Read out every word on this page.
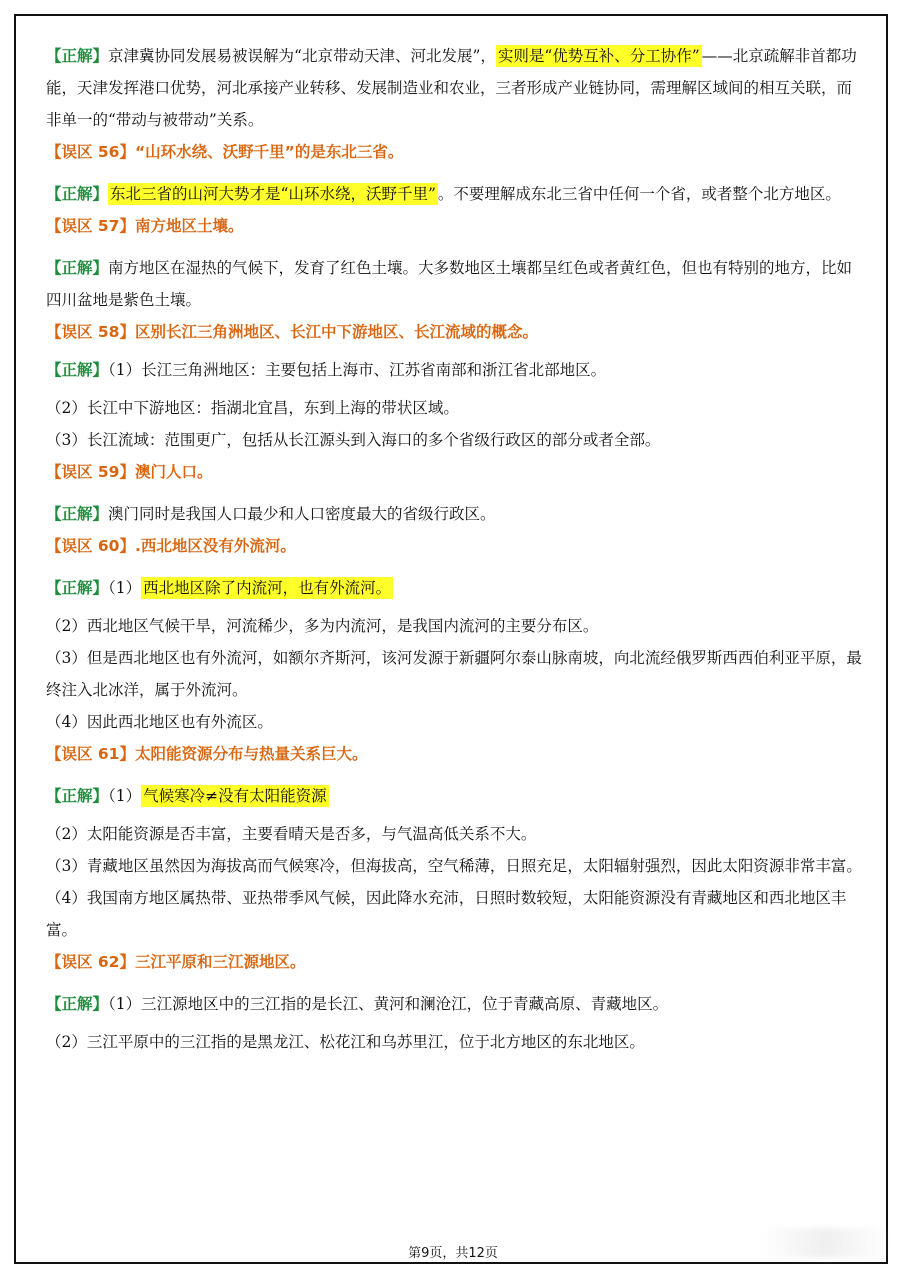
【正解】京津冀协同发展易被误解为“北京带动天津、河北发展”， 实则是“优势互补、分工协作” ——北京疏解非首都功能，天津发挥港口优势，河北承接产业转移、发展制造业和农业，三者形成产业链协同，需理解区域间的相互关联，而非单一的“带动与被带动”关系。

【误区 56】“山环水绕、沃野千里”的是东北三省。

【正解】 东北三省的山河大势才是“山环水绕，沃野千里” 。不要理解成东北三省中任何一个省，或者整个北方地区。

【误区 57】南方地区土壤。

【正解】南方地区在湿热的气候下，发育了红色土壤。大多数地区土壤都呈红色或者黄红色，但也有特别的地方，比如四川盆地是紫色土壤。

【误区 58】区别长江三角洲地区、长江中下游地区、长江流域的概念。

【正解】（1）长江三角洲地区：主要包括上海市、江苏省南部和浙江省北部地区。

（2）长江中下游地区：指湖北宜昌，东到上海的带状区域。

（3）长江流域：范围更广，包括从长江源头到入海口的多个省级行政区的部分或者全部。

【误区 59】澳门人口。

【正解】澳门同时是我国人口最少和人口密度最大的省级行政区。

【误区 60】.西北地区没有外流河。

【正解】（1） 西北地区除了内流河，也有外流河。

（2）西北地区气候干旱，河流稀少，多为内流河，是我国内流河的主要分布区。

（3）但是西北地区也有外流河，如额尔齐斯河，该河发源于新疆阿尔泰山脉南坡，向北流经俄罗斯西西伯利亚平原，最终注入北冰洋，属于外流河。

（4）因此西北地区也有外流区。

【误区 61】太阳能资源分布与热量关系巨大。

【正解】（1） 气候寒冷≠没有太阳能资源

（2）太阳能资源是否丰富，主要看晴天是否多，与气温高低关系不大。

（3）青藏地区虽然因为海拔高而气候寒冷，但海拔高，空气稀薄，日照充足，太阳辐射强烈，因此太阳资源非常丰富。

（4）我国南方地区属热带、亚热带季风气候，因此降水充沛，日照时数较短，太阳能资源没有青藏地区和西北地区丰富。

【误区 62】三江平原和三江源地区。

【正解】（1）三江源地区中的三江指的是长江、黄河和澜沧江，位于青藏高原、青藏地区。

（2）三江平原中的三江指的是黑龙江、松花江和乌苏里江，位于北方地区的东北地区。

第9页，共12页
